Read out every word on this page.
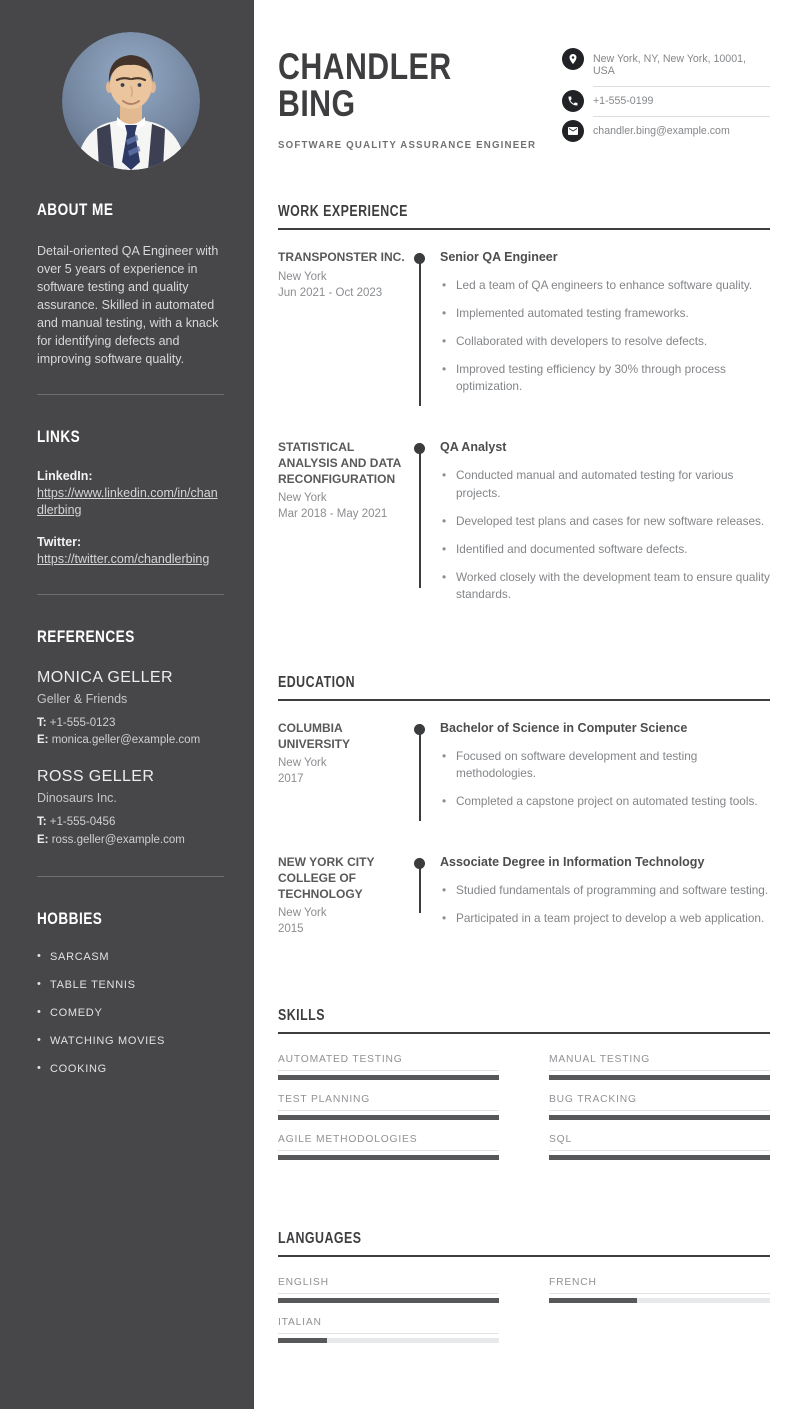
ABOUT ME

Detail-oriented QA Engineer with over 5 years of experience in software testing and quality assurance. Skilled in automated and manual testing, with a knack for identifying defects and improving software quality.

LINKS
LinkedIn:
https://www.linkedin.com/in/chandlerbing
Twitter:
https://twitter.com/chandlerbing
REFERENCES
MONICA GELLER
Geller & Friends
T: +1-555-0123
E: monica.geller@example.com
ROSS GELLER
Dinosaurs Inc.
T: +1-555-0456
E: ross.geller@example.com
HOBBIES
• SARCASM
• TABLE TENNIS
• COMEDY
• WATCHING MOVIES
• COOKING
CHANDLER
BING
SOFTWARE QUALITY ASSURANCE ENGINEER
New York, NY, New York, 10001, USA
+1-555-0199
chandler.bing@example.com
WORK EXPERIENCE
TRANSPONSTER INC.
New York
Jun 2021 - Oct 2023
Senior QA Engineer
• Led a team of QA engineers to enhance software quality.
• Implemented automated testing frameworks.
• Collaborated with developers to resolve defects.
• Improved testing efficiency by 30% through process optimization.
STATISTICAL ANALYSIS AND DATA RECONFIGURATION
New York
Mar 2018 - May 2021
QA Analyst
• Conducted manual and automated testing for various projects.
• Developed test plans and cases for new software releases.
• Identified and documented software defects.
• Worked closely with the development team to ensure quality standards.
EDUCATION
COLUMBIA UNIVERSITY
New York
2017
Bachelor of Science in Computer Science
• Focused on software development and testing methodologies.
• Completed a capstone project on automated testing tools.
NEW YORK CITY COLLEGE OF TECHNOLOGY
New York
2015
Associate Degree in Information Technology
• Studied fundamentals of programming and software testing.
• Participated in a team project to develop a web application.
SKILLS
AUTOMATED TESTING	MANUAL TESTING
TEST PLANNING	BUG TRACKING
AGILE METHODOLOGIES	SQL
LANGUAGES
ENGLISH	FRENCH
ITALIAN
